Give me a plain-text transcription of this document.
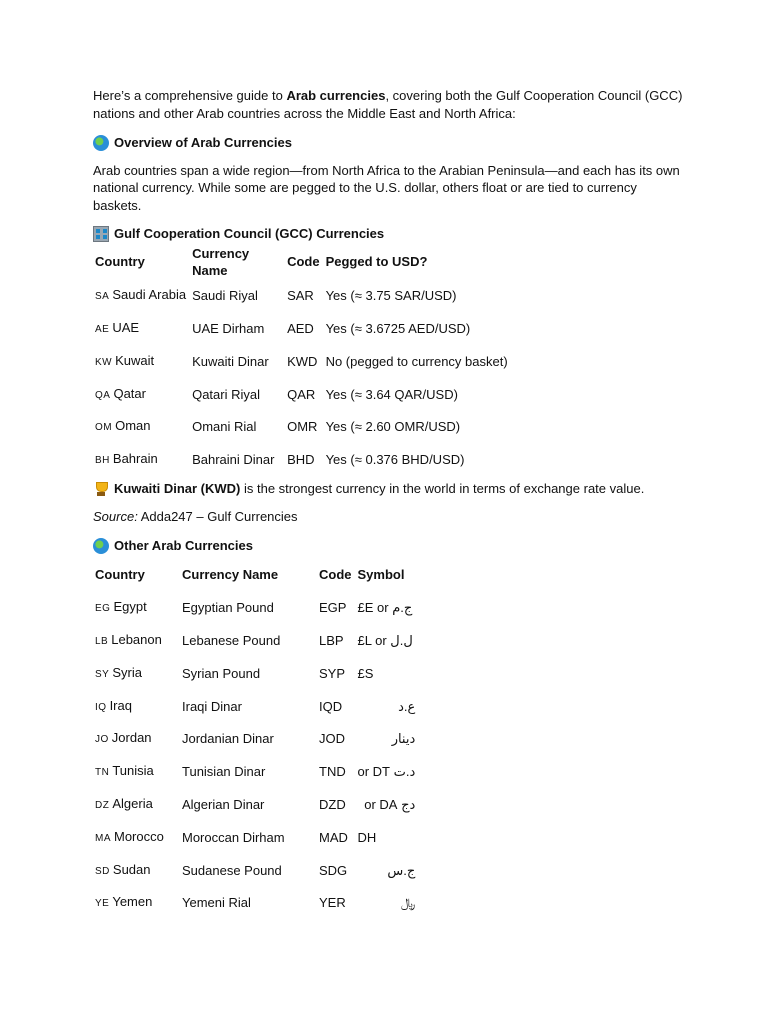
Here’s a comprehensive guide to Arab currencies, covering both the Gulf Cooperation Council (GCC) nations and other Arab countries across the Middle East and North Africa:

Overview of Arab Currencies

Arab countries span a wide region—from North Africa to the Arabian Peninsula—and each has its own national currency. While some are pegged to the U.S. dollar, others float or are tied to currency baskets.

Gulf Cooperation Council (GCC) Currencies
Country	Currency Name	Code	Pegged to USD?
SA Saudi Arabia	Saudi Riyal	SAR	Yes (≈ 3.75 SAR/USD)
AE UAE	UAE Dirham	AED	Yes (≈ 3.6725 AED/USD)
KW Kuwait	Kuwaiti Dinar	KWD	No (pegged to currency basket)
QA Qatar	Qatari Riyal	QAR	Yes (≈ 3.64 QAR/USD)
OM Oman	Omani Rial	OMR	Yes (≈ 2.60 OMR/USD)
BH Bahrain	Bahraini Dinar	BHD	Yes (≈ 0.376 BHD/USD)
Kuwaiti Dinar (KWD) is the strongest currency in the world in terms of exchange rate value.

Source: Adda247 – Gulf Currencies

Other Arab Currencies
Country	Currency Name	Code	Symbol
EG Egypt	Egyptian Pound	EGP	£E or ج.م
LB Lebanon	Lebanese Pound	LBP	£L or ل.ل
SY Syria	Syrian Pound	SYP	£S
IQ Iraq	Iraqi Dinar	IQD	ع.د
JO Jordan	Jordanian Dinar	JOD	دينار
TN Tunisia	Tunisian Dinar	TND	د.ت or DT
DZ Algeria	Algerian Dinar	DZD	دج or DA
MA Morocco	Moroccan Dirham	MAD	DH
SD Sudan	Sudanese Pound	SDG	ج.س
YE Yemen	Yemeni Rial	YER	﷼
